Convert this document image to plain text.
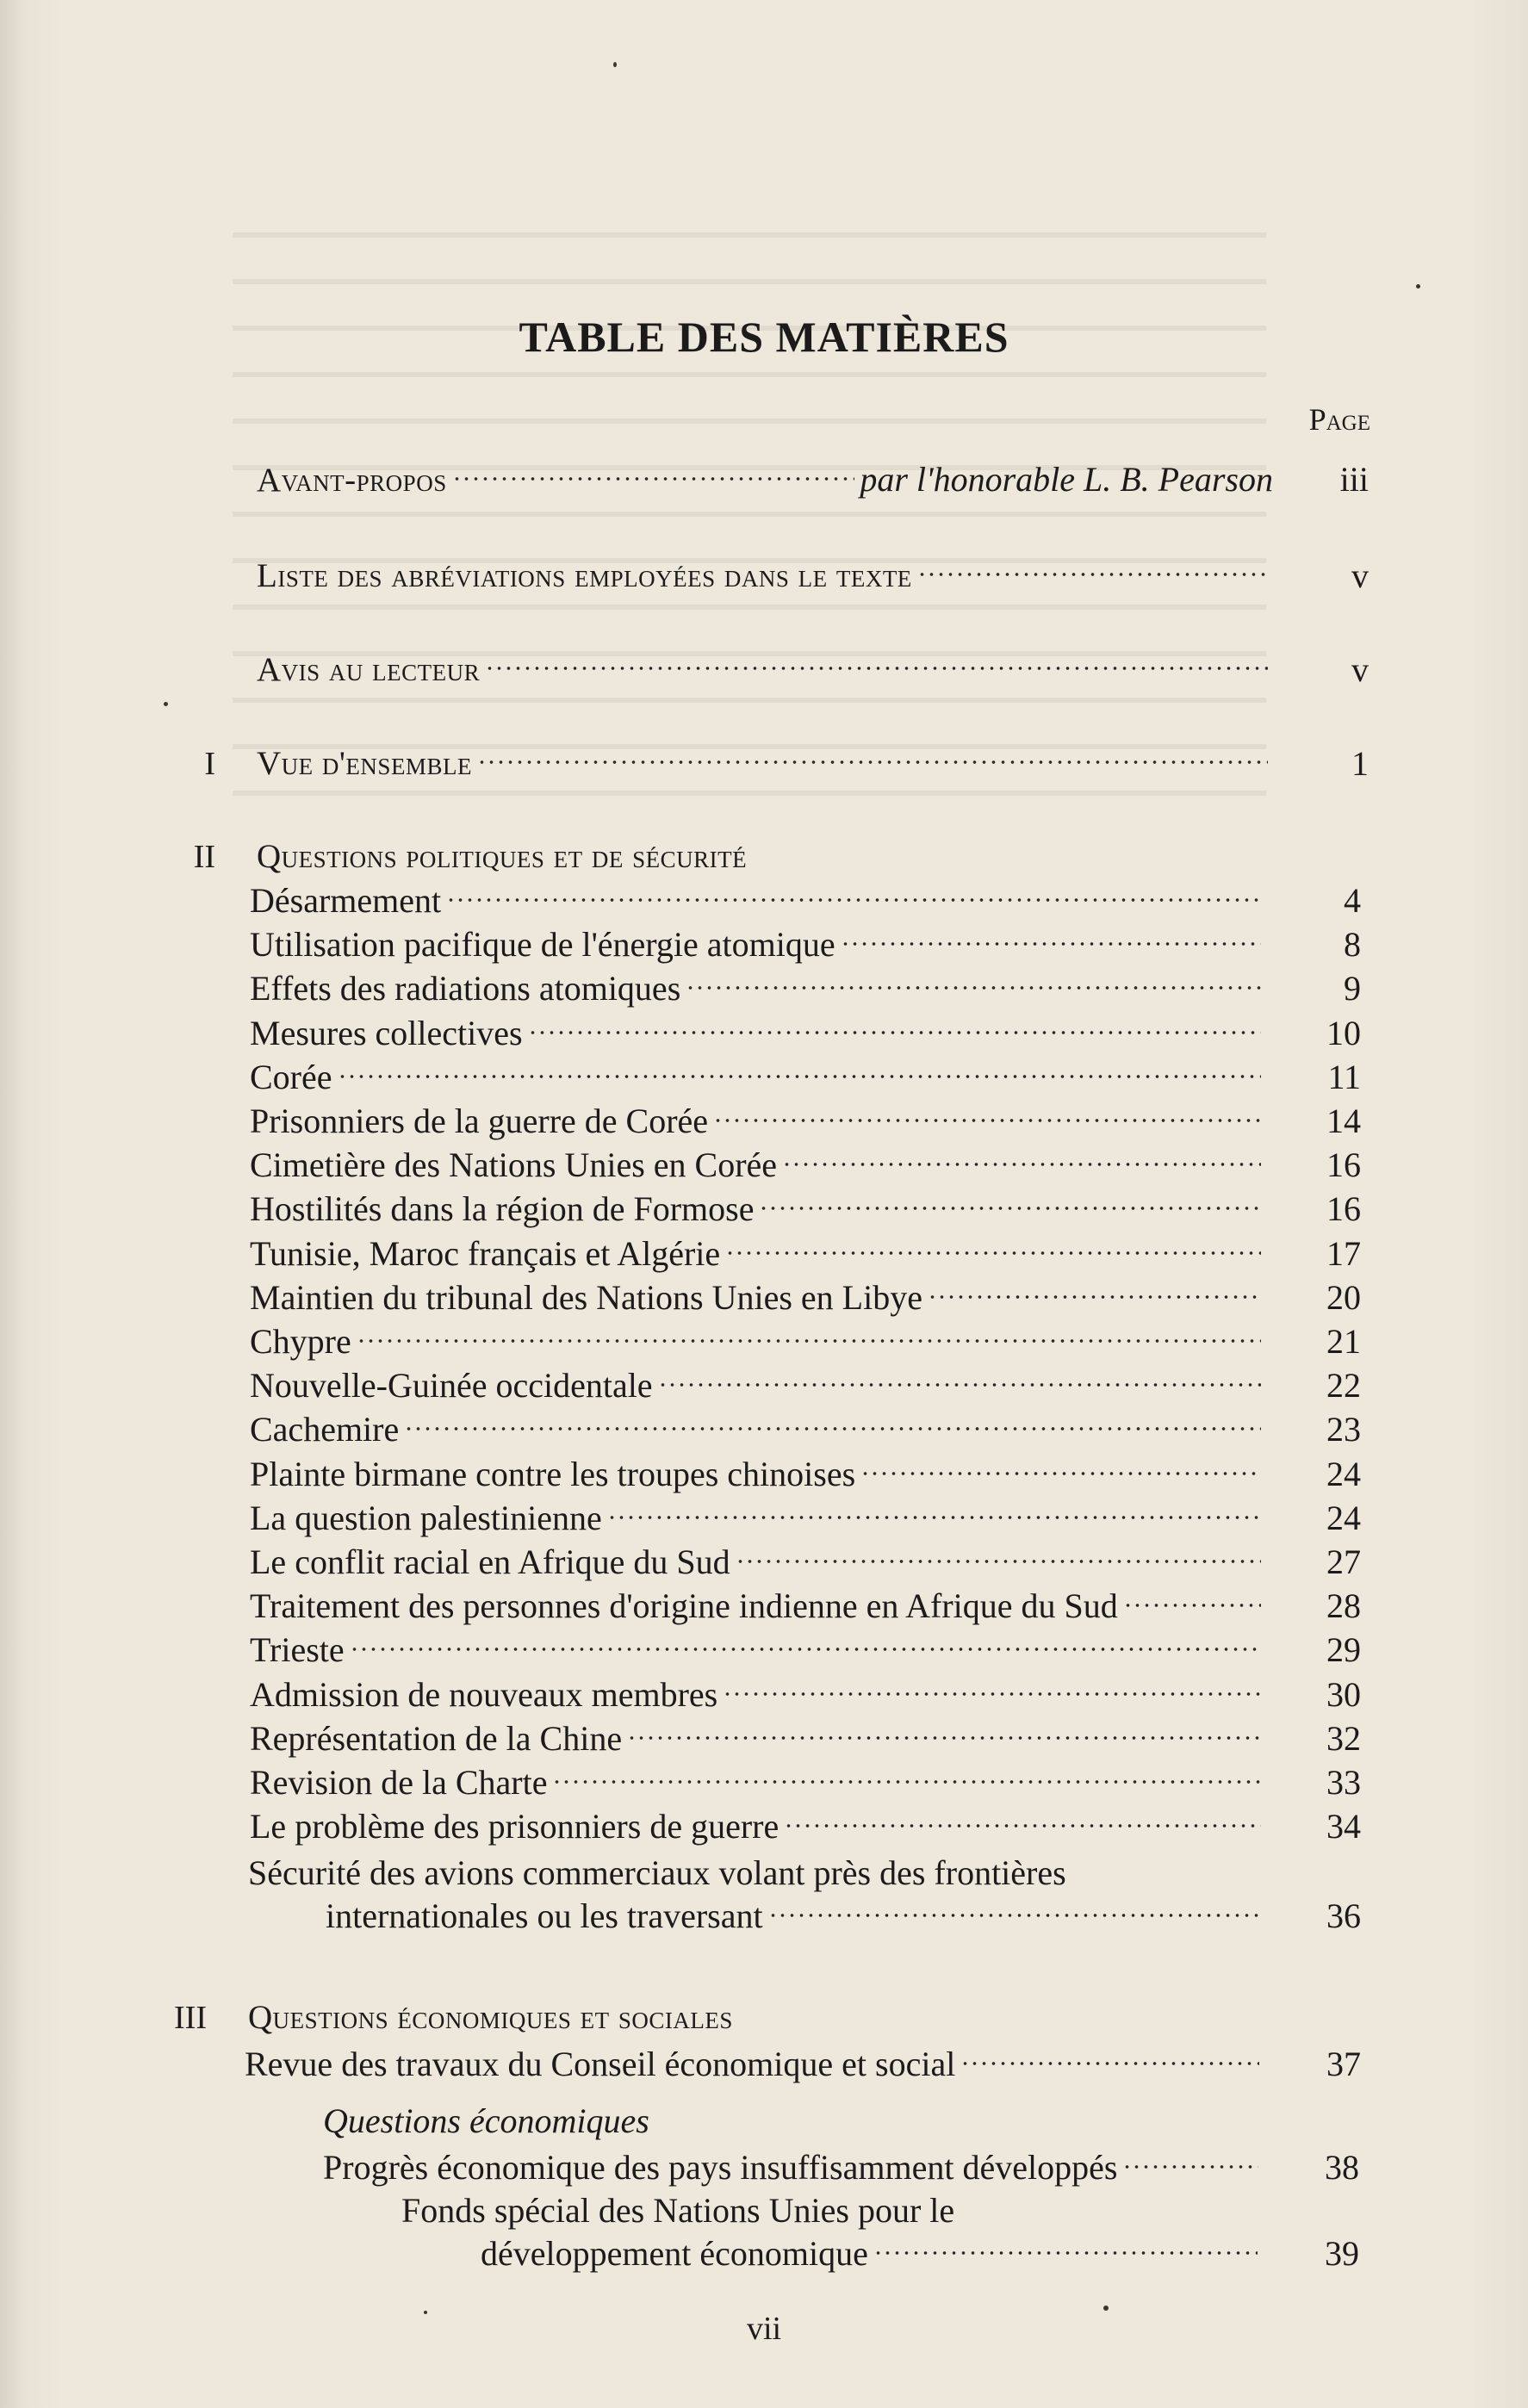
TABLE DES MATIÈRES
Page
Avant-propos	par l'honorable L. B. Pearson	iii
Liste des abréviations employées dans le texte	v
Avis au lecteur	v
I Vue d'ensemble	1
II Questions politiques et de sécurité
Désarmement	4
Utilisation pacifique de l'énergie atomique	8
Effets des radiations atomiques	9
Mesures collectives	10
Corée	11
Prisonniers de la guerre de Corée	14
Cimetière des Nations Unies en Corée	16
Hostilités dans la région de Formose	16
Tunisie, Maroc français et Algérie	17
Maintien du tribunal des Nations Unies en Libye	20
Chypre	21
Nouvelle-Guinée occidentale	22
Cachemire	23
Plainte birmane contre les troupes chinoises	24
La question palestinienne	24
Le conflit racial en Afrique du Sud	27
Traitement des personnes d'origine indienne en Afrique du Sud	28
Trieste	29
Admission de nouveaux membres	30
Représentation de la Chine	32
Revision de la Charte	33
Le problème des prisonniers de guerre	34
Sécurité des avions commerciaux volant près des frontières
internationales ou les traversant	36
III Questions économiques et sociales
Revue des travaux du Conseil économique et social	37
Questions économiques
Progrès économique des pays insuffisamment développés	38
Fonds spécial des Nations Unies pour le
développement économique	39
vii
